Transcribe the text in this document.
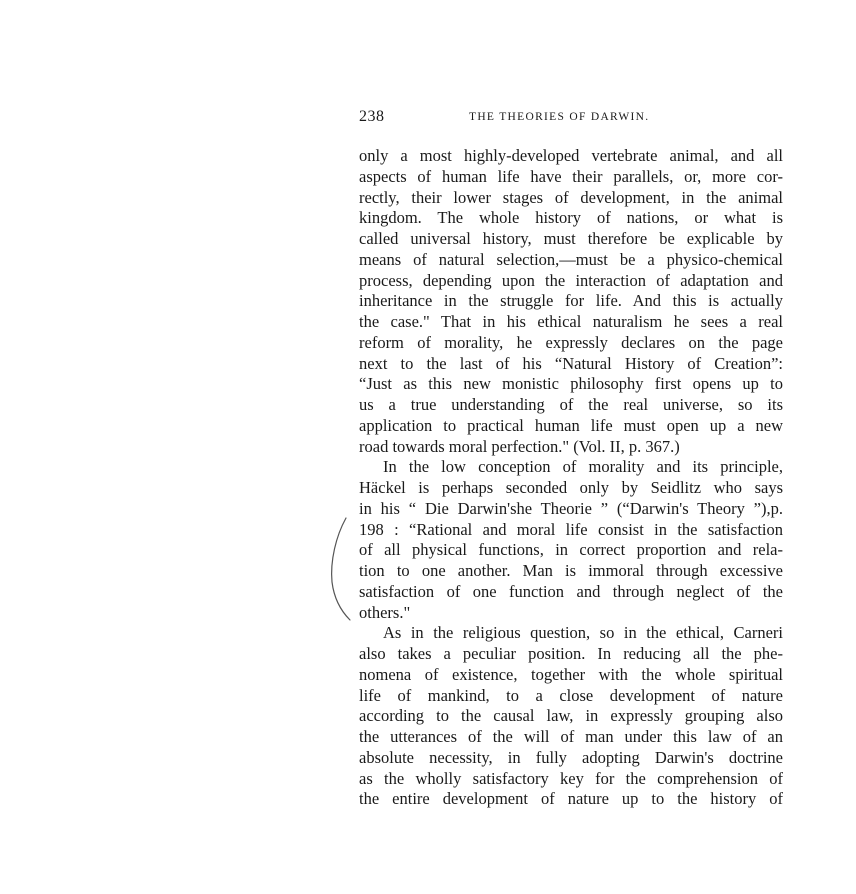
238	THE THEORIES OF DARWIN.
only a most highly-developed vertebrate animal, and all
aspects of human life have their parallels, or, more cor-
rectly, their lower stages of development, in the animal
kingdom. The whole history of nations, or what is
called universal history, must therefore be explicable by
means of natural selection,—must be a physico-chemical
process, depending upon the interaction of adaptation and
inheritance in the struggle for life. And this is actually
the case." That in his ethical naturalism he sees a real
reform of morality, he expressly declares on the page
next to the last of his “Natural History of Creation”:
“Just as this new monistic philosophy first opens up to
us a true understanding of the real universe, so its
application to practical human life must open up a new
road towards moral perfection." (Vol. II, p. 367.)
In the low conception of morality and its principle,
Häckel is perhaps seconded only by Seidlitz who says
in his “ Die Darwin'she Theorie ” (“Darwin's Theory ”),p.
198 : “Rational and moral life consist in the satisfaction
of all physical functions, in correct proportion and rela-
tion to one another. Man is immoral through excessive
satisfaction of one function and through neglect of the
others."
As in the religious question, so in the ethical, Carneri
also takes a peculiar position. In reducing all the phe-
nomena of existence, together with the whole spiritual
life of mankind, to a close development of nature
according to the causal law, in expressly grouping also
the utterances of the will of man under this law of an
absolute necessity, in fully adopting Darwin's doctrine
as the wholly satisfactory key for the comprehension of
the entire development of nature up to the history of
